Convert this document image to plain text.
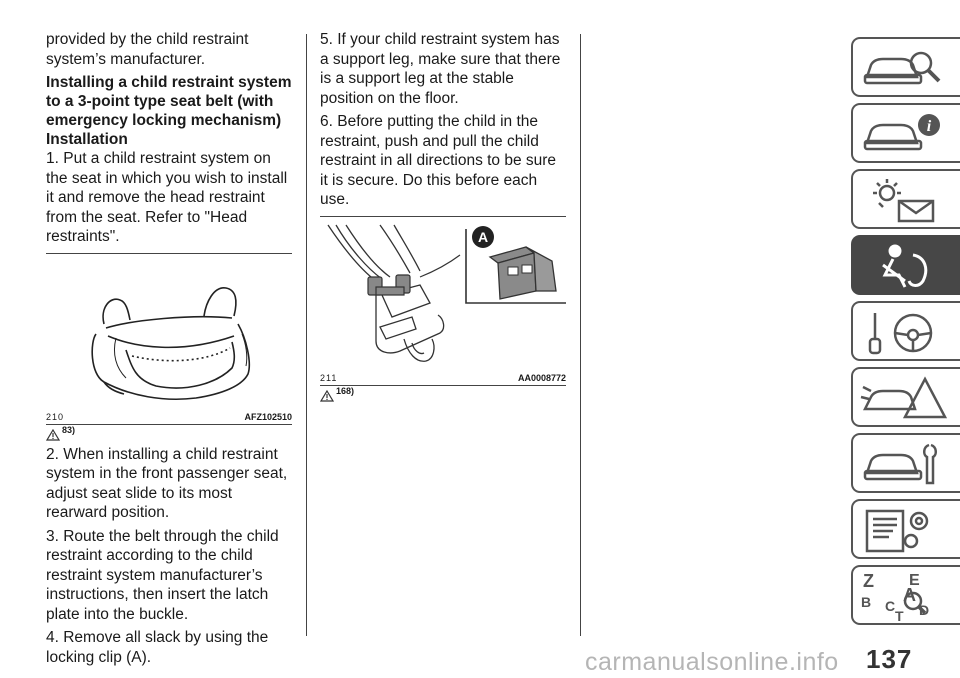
provided by the child restraint system’s manufacturer.

Installing a child restraint system to a 3-point type seat belt (with emergency locking mechanism)
Installation

1. Put a child restraint system on the seat in which you wish to install it and remove the head restraint from the seat. Refer to "Head restraints".

210	AFZ102510
83)

2. When installing a child restraint system in the front passenger seat, adjust seat slide to its most rearward position.

3. Route the belt through the child restraint according to the child restraint system manufacturer’s instructions, then insert the latch plate into the buckle.

4. Remove all slack by using the locking clip (A).

5. If your child restraint system has a support leg, make sure that there is a support leg at the stable position on the floor.

6. Before putting the child in the restraint, push and pull the child restraint in all directions to be sure it is secure. Do this before each use.

A
211	AA0008772
168)
i
Z E
B A
C D
T
137
carmanualsonline.info
